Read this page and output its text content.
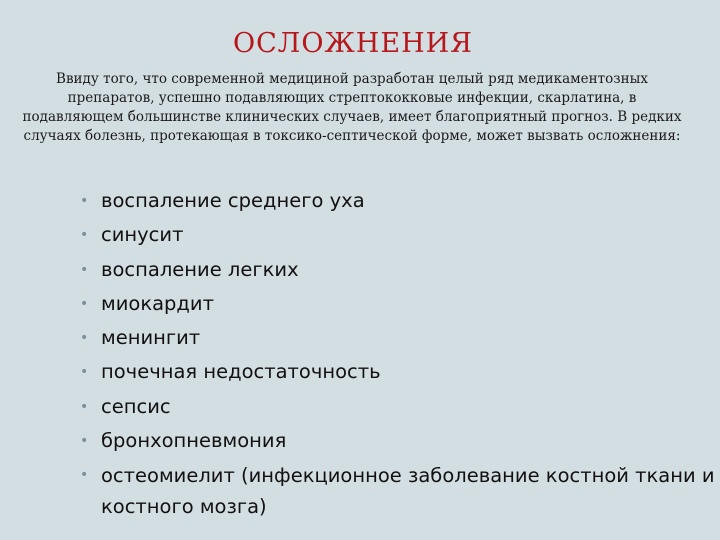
ОСЛОЖНЕНИЯ

Ввиду того, что современной медициной разработан целый ряд медикаментозных препаратов, успешно подавляющих стрептококковые инфекции, скарлатина, в подавляющем большинстве клинических случаев, имеет благоприятный прогноз. В редких случаях болезнь, протекающая в токсико-септической форме, может вызвать осложнения:

• воспаление среднего уха
• синусит
• воспаление легких
• миокардит
• менингит
• почечная недостаточность
• сепсис
• бронхопневмония
• остеомиелит (инфекционное заболевание костной ткани и костного мозга)
